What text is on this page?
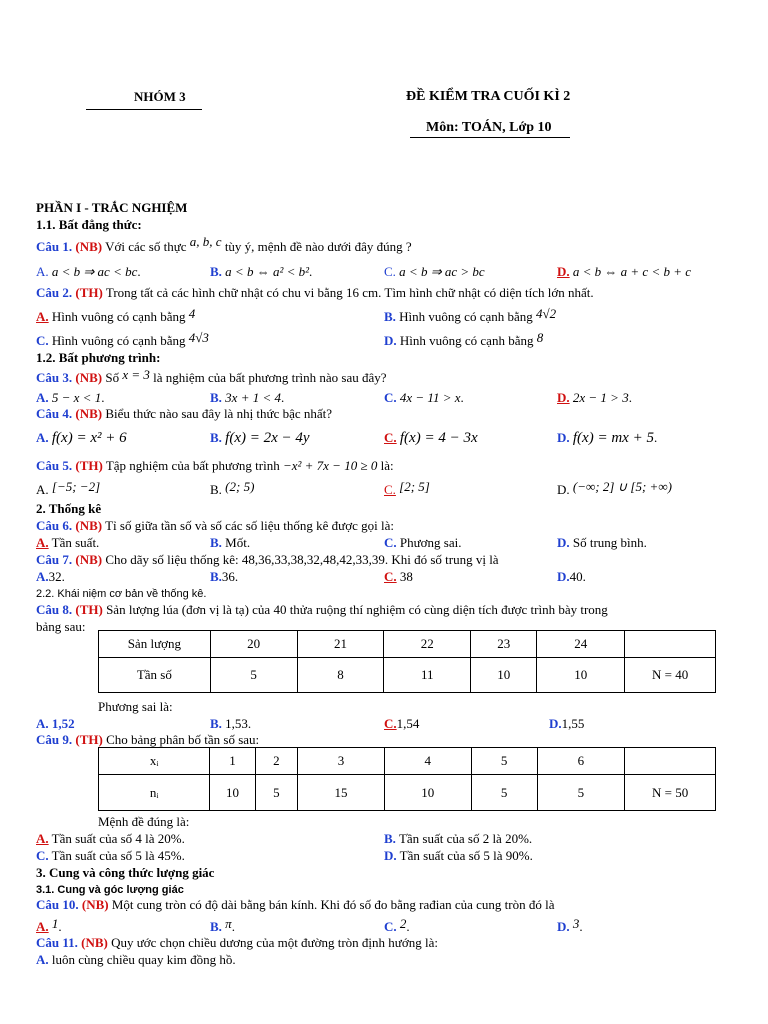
NHÓM 3	ĐỀ KIỂM TRA CUỐI KÌ 2
Môn: TOÁN, Lớp 10
PHẦN I - TRẮC NGHIỆM
1.1. Bất đẳng thức:
Câu 1. (NB) Với các số thực a, b, c tùy ý, mệnh đề nào dưới đây đúng ?
A. a < b ⇒ ac < bc.	B. a < b ⇔ a² < b².	C. a < b ⇒ ac > bc	D. a < b ⇔ a + c < b + c
Câu 2. (TH) Trong tất cả các hình chữ nhật có chu vi bằng 16 cm. Tìm hình chữ nhật có diện tích lớn nhất.
A. Hình vuông có cạnh bằng 4	B. Hình vuông có cạnh bằng 4√2
C. Hình vuông có cạnh bằng 4√3	D. Hình vuông có cạnh bằng 8
1.2. Bất phương trình:
Câu 3. (NB) Số x = 3 là nghiệm của bất phương trình nào sau đây?
A. 5 − x < 1.	B. 3x + 1 < 4.	C. 4x − 11 > x.	D. 2x − 1 > 3.
Câu 4. (NB) Biểu thức nào sau đây là nhị thức bậc nhất?
A. f(x) = x² + 6	B. f(x) = 2x − 4y	C. f(x) = 4 − 3x	D. f(x) = mx + 5.
Câu 5. (TH) Tập nghiệm của bất phương trình −x² + 7x − 10 ≥ 0 là:
A. [−5; −2]	B. (2; 5)	C. [2; 5]	D. (−∞; 2] ∪ [5; +∞)
2. Thống kê
Câu 6. (NB) Tỉ số giữa tần số và số các số liệu thống kê được gọi là:
A. Tần suất.	B. Mốt.	C. Phương sai.	D. Số trung bình.
Câu 7. (NB) Cho dãy số liệu thống kê: 48,36,33,38,32,48,42,33,39. Khi đó số trung vị là
A.32.	B.36.	C. 38	D.40.
2.2. Khái niệm cơ bản về thống kê.
Câu 8. (TH) Sản lượng lúa (đơn vị là tạ) của 40 thửa ruộng thí nghiệm có cùng diện tích được trình bày trong
bảng sau:
Sản lượng	20	21	22	23	24	
Tần số	5	8	11	10	10	N = 40
Phương sai là:
A. 1,52	B. 1,53.	C.1,54	D.1,55
Câu 9. (TH) Cho bảng phân bố tần số sau:
xᵢ	1	2	3	4	5	6	
nᵢ	10	5	15	10	5	5	N = 50
Mệnh đề đúng là:
A. Tần suất của số 4 là 20%.	B. Tần suất của số 2 là 20%.
C. Tần suất của số 5 là 45%.	D. Tần suất của số 5 là 90%.
3. Cung và công thức lượng giác
3.1. Cung và góc lượng giác
Câu 10. (NB) Một cung tròn có độ dài bằng bán kính. Khi đó số đo bằng rađian của cung tròn đó là
A. 1.	B. π.	C. 2.	D. 3.
Câu 11. (NB) Quy ước chọn chiều dương của một đường tròn định hướng là:
A. luôn cùng chiều quay kim đồng hồ.
